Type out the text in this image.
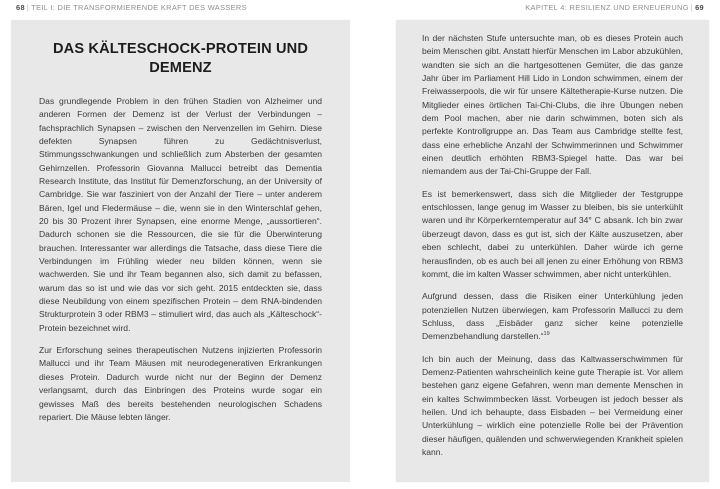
68 | TEIL I: DIE TRANSFORMIERENDE KRAFT DES WASSERS	KAPITEL 4: RESILIENZ UND ERNEUERUNG | 69
DAS KÄLTESCHOCK-PROTEIN UND DEMENZ

Das grundlegende Problem in den frühen Stadien von Alzheimer und anderen Formen der Demenz ist der Verlust der Verbindungen – fachsprachlich Synapsen – zwischen den Nervenzellen im Gehirn. Diese defekten Synapsen führen zu Gedächtnisverlust, Stimmungsschwankungen und schließlich zum Absterben der gesamten Gehirnzellen. Professorin Giovanna Mallucci betreibt das Dementia Research Institute, das Institut für Demenzforschung, an der University of Cambridge. Sie war fasziniert von der Anzahl der Tiere – unter anderem Bären, Igel und Fledermäuse – die, wenn sie in den Winterschlaf gehen, 20 bis 30 Prozent ihrer Synapsen, eine enorme Menge, „aussortieren“. Dadurch schonen sie die Ressourcen, die sie für die Überwinterung brauchen. Interessanter war allerdings die Tatsache, dass diese Tiere die Verbindungen im Frühling wieder neu bilden können, wenn sie wachwerden. Sie und ihr Team begannen also, sich damit zu befassen, warum das so ist und wie das vor sich geht. 2015 entdeckten sie, dass diese Neubildung von einem spezifischen Protein – dem RNA-bindenden Strukturprotein 3 oder RBM3 – stimuliert wird, das auch als „Kälteschock“- Protein bezeichnet wird.

Zur Erforschung seines therapeutischen Nutzens injizierten Professorin Mallucci und ihr Team Mäusen mit neurodegenerativen Erkrankungen dieses Protein. Dadurch wurde nicht nur der Beginn der Demenz verlangsamt, durch das Einbringen des Proteins wurde sogar ein gewisses Maß des bereits bestehenden neurologischen Schadens repariert. Die Mäuse lebten länger.

In der nächsten Stufe untersuchte man, ob es dieses Protein auch beim Menschen gibt. Anstatt hierfür Menschen im Labor abzukühlen, wandten sie sich an die hartgesottenen Gemüter, die das ganze Jahr über im Parliament Hill Lido in London schwimmen, einem der Freiwasserpools, die wir für unsere Kältetherapie-Kurse nutzen. Die Mitglieder eines örtlichen Tai-Chi-Clubs, die ihre Übungen neben dem Pool machen, aber nie darin schwimmen, boten sich als perfekte Kontrollgruppe an. Das Team aus Cambridge stellte fest, dass eine erhebliche Anzahl der Schwimmerinnen und Schwimmer einen deutlich erhöhten RBM3-Spiegel hatte. Das war bei niemandem aus der Tai-Chi-Gruppe der Fall.

Es ist bemerkenswert, dass sich die Mitglieder der Testgruppe entschlossen, lange genug im Wasser zu bleiben, bis sie unterkühlt waren und ihr Körperkerntemperatur auf 34° C absank. Ich bin zwar überzeugt davon, dass es gut ist, sich der Kälte auszusetzen, aber eben schlecht, dabei zu unterkühlen. Daher würde ich gerne herausfinden, ob es auch bei all jenen zu einer Erhöhung von RBM3 kommt, die im kalten Wasser schwimmen, aber nicht unterkühlen.

Aufgrund dessen, dass die Risiken einer Unterkühlung jeden potenziellen Nutzen überwiegen, kam Professorin Mallucci zu dem Schluss, dass „Eisbäder ganz sicher keine potenzielle Demenzbehandlung darstellen.“$^{19}$

Ich bin auch der Meinung, dass das Kaltwasserschwimmen für Demenz-Patienten wahrscheinlich keine gute Therapie ist. Vor allem bestehen ganz eigene Gefahren, wenn man demente Menschen in ein kaltes Schwimmbecken lässt. Vorbeugen ist jedoch besser als heilen. Und ich behaupte, dass Eisbaden – bei Vermeidung einer Unterkühlung – wirklich eine potenzielle Rolle bei der Prävention dieser häufigen, quälenden und schwerwiegenden Krankheit spielen kann.
